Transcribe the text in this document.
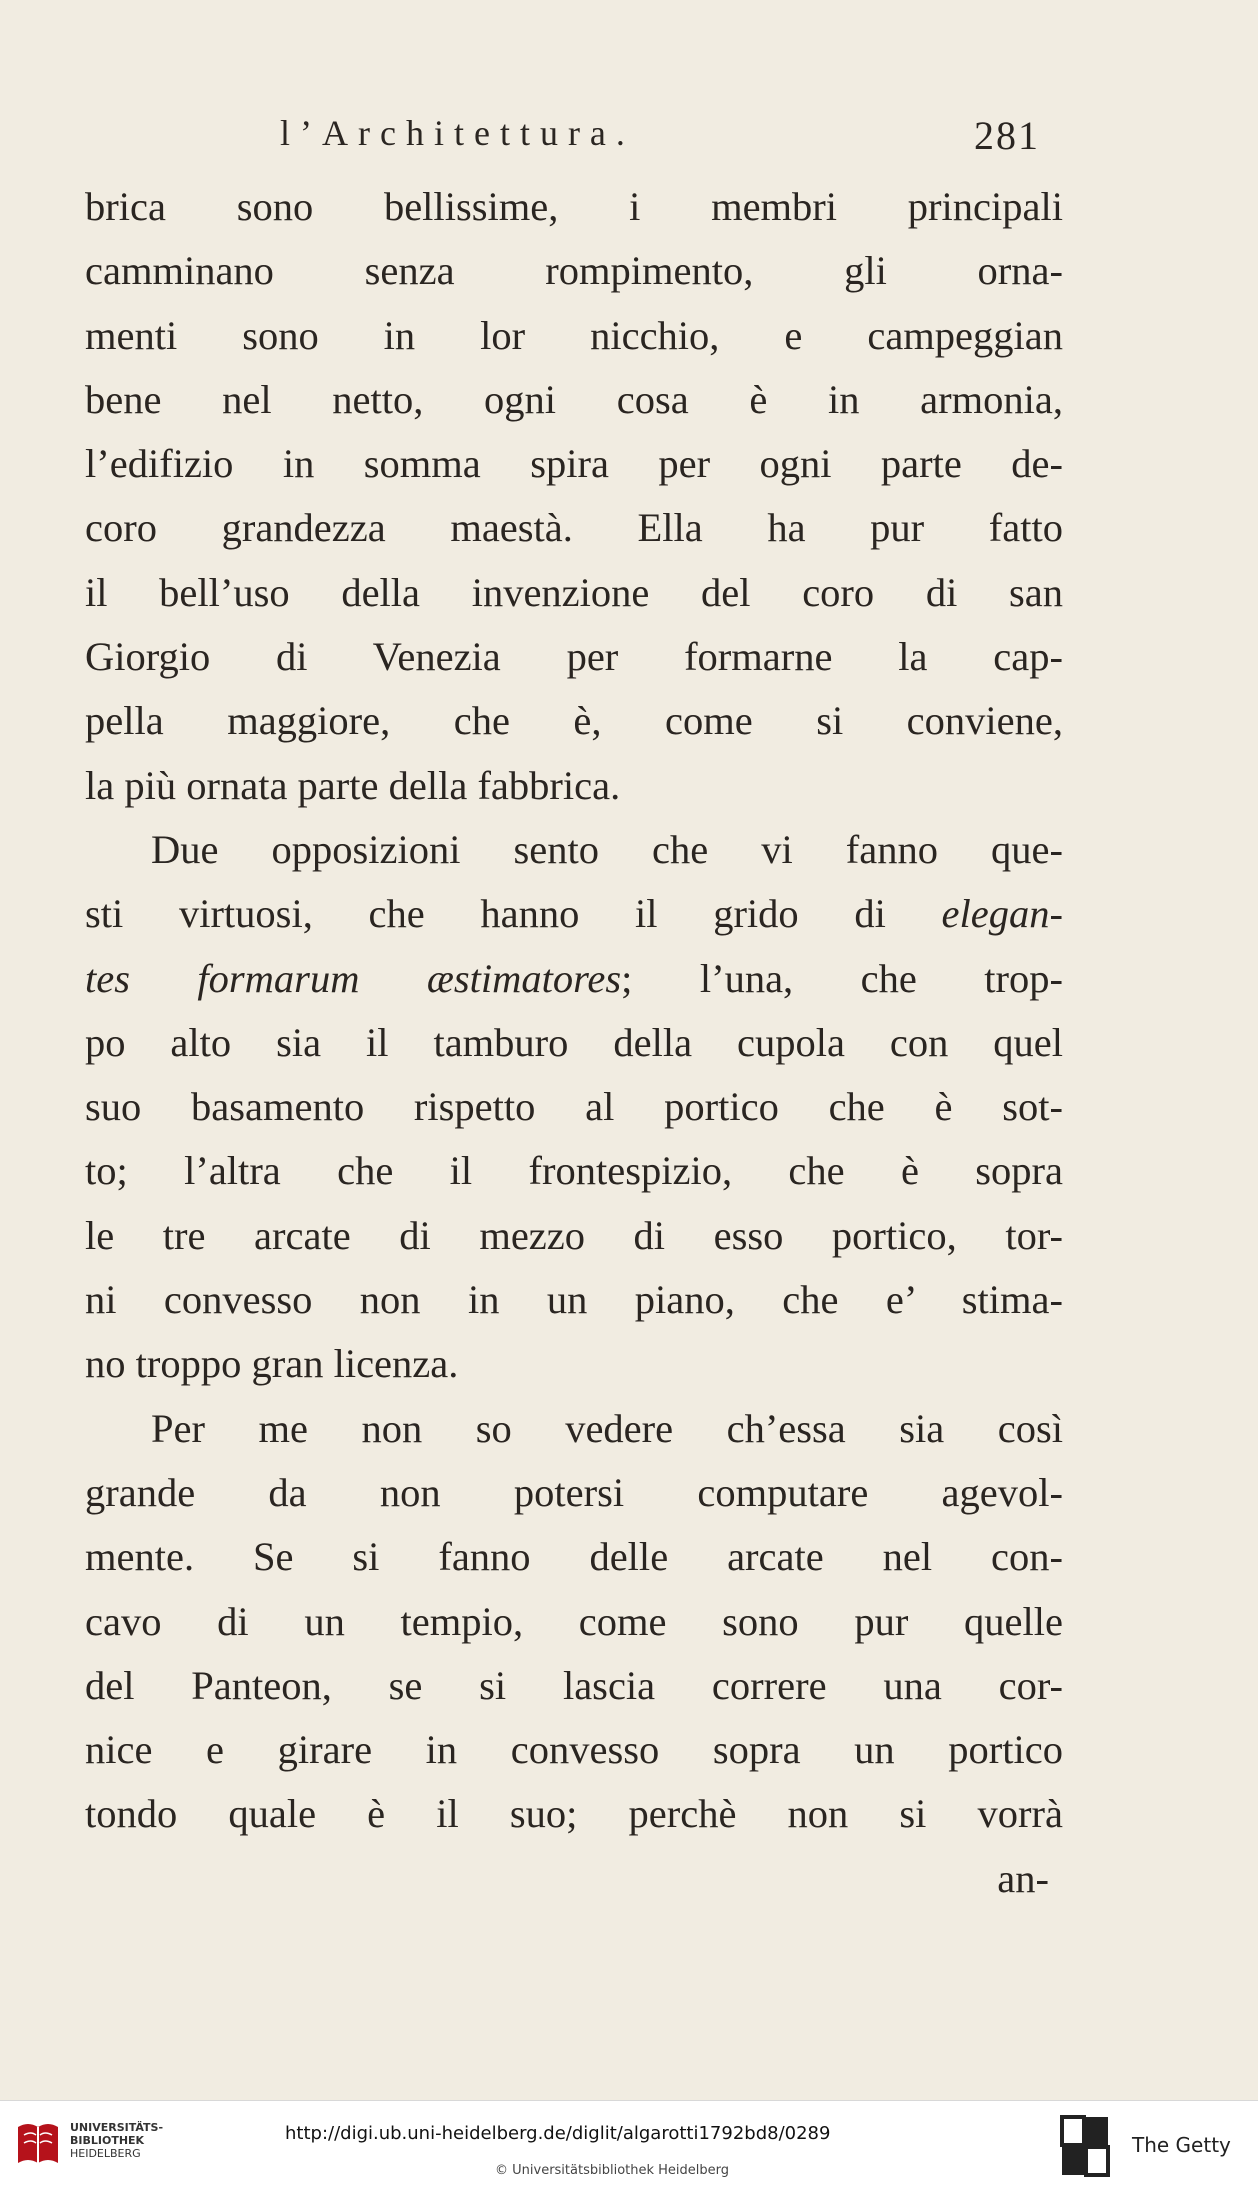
l’Architettura.	281
brica sono bellissime, i membri principali
camminano senza rompimento, gli orna-
menti sono in lor nicchio, e campeggian
bene nel netto, ogni cosa è in armonia,
l’edifizio in somma spira per ogni parte de-
coro grandezza maestà. Ella ha pur fatto
il bell’uso della invenzione del coro di san
Giorgio di Venezia per formarne la cap-
pella maggiore, che è, come si conviene,
la più ornata parte della fabbrica.
Due opposizioni sento che vi fanno que-
sti virtuosi, che hanno il grido di elegan-
tes formarum æstimatores; l’una, che trop-
po alto sia il tamburo della cupola con quel
suo basamento rispetto al portico che è sot-
to; l’altra che il frontespizio, che è sopra
le tre arcate di mezzo di esso portico, tor-
ni convesso non in un piano, che e’ stima-
no troppo gran licenza.
Per me non so vedere ch’essa sia così
grande da non potersi computare agevol-
mente. Se si fanno delle arcate nel con-
cavo di un tempio, come sono pur quelle
del Panteon, se si lascia correre una cor-
nice e girare in convesso sopra un portico
tondo quale è il suo; perchè non si vorrà
an-
UNIVERSITÄTS-
BIBLIOTHEK
HEIDELBERG
http://digi.ub.uni-heidelberg.de/diglit/algarotti1792bd8/0289
© Universitätsbibliothek Heidelberg
The Getty
